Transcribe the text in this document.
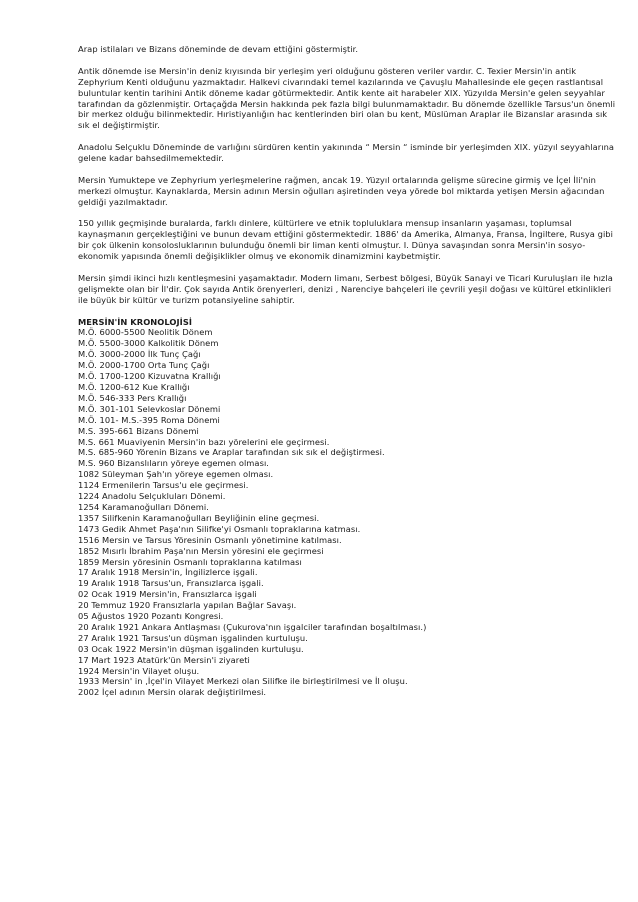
Arap istilaları ve Bizans döneminde de devam ettiğini göstermiştir.

Antik dönemde ise Mersin'in deniz kıyısında bir yerleşim yeri olduğunu gösteren veriler vardır. C. Texier Mersin'in antik Zephyrium Kenti olduğunu yazmaktadır. Halkevi civarındaki temel kazılarında ve Çavuşlu Mahallesinde ele geçen rastlantısal buluntular kentin tarihini Antik döneme kadar götürmektedir. Antik kente ait harabeler XIX. Yüzyılda Mersin'e gelen seyyahlar tarafından da gözlenmiştir. Ortaçağda Mersin hakkında pek fazla bilgi bulunmamaktadır. Bu dönemde özellikle Tarsus'un önemli bir merkez olduğu bilinmektedir. Hıristiyanlığın hac kentlerinden biri olan bu kent, Müslüman Araplar ile Bizanslar arasında sık sık el değiştirmiştir.

Anadolu Selçuklu Döneminde de varlığını sürdüren kentin yakınında “ Mersin “ isminde bir yerleşimden XIX. yüzyıl seyyahlarına gelene kadar bahsedilmemektedir.

Mersin Yumuktepe ve Zephyrium yerleşmelerine rağmen, ancak 19. Yüzyıl ortalarında gelişme sürecine girmiş ve İçel İli'nin merkezi olmuştur. Kaynaklarda, Mersin adının Mersin oğulları aşiretinden veya yörede bol miktarda yetişen Mersin ağacından geldiği yazılmaktadır.

150 yıllık geçmişinde buralarda, farklı dinlere, kültürlere ve etnik topluluklara mensup insanların yaşaması, toplumsal kaynaşmanın gerçekleştiğini ve bunun devam ettiğini göstermektedir. 1886' da Amerika, Almanya, Fransa, İngiltere, Rusya gibi bir çok ülkenin konsolosluklarının bulunduğu önemli bir liman kenti olmuştur. I. Dünya savaşından sonra Mersin'in sosyo-ekonomik yapısında önemli değişiklikler olmuş ve ekonomik dinamizmini kaybetmiştir.

Mersin şimdi ikinci hızlı kentleşmesini yaşamaktadır. Modern limanı, Serbest bölgesi, Büyük Sanayi ve Ticari Kuruluşları ile hızla gelişmekte olan bir İl'dir. Çok sayıda Antik örenyerleri, denizi , Narenciye bahçeleri ile çevrili yeşil doğası ve kültürel etkinlikleri ile büyük bir kültür ve turizm potansiyeline sahiptir.

MERSİN'İN KRONOLOJİSİ

M.Ö. 6000-5500 Neolitik Dönem
M.Ö. 5500-3000 Kalkolitik Dönem
M.Ö. 3000-2000 İlk Tunç Çağı
M.Ö. 2000-1700 Orta Tunç Çağı
M.Ö. 1700-1200 Kizuvatna Krallığı
M.Ö. 1200-612 Kue Krallığı
M.Ö. 546-333 Pers Krallığı
M.Ö. 301-101 Selevkoslar Dönemi
M.Ö. 101- M.S.-395 Roma Dönemi
M.S. 395-661 Bizans Dönemi
M.S. 661 Muaviyenin Mersin'in bazı yörelerini ele geçirmesi.
M.S. 685-960 Yörenin Bizans ve Araplar tarafından sık sık el değiştirmesi.
M.S. 960 Bizanslıların yöreye egemen olması.
1082 Süleyman Şah'ın yöreye egemen olması.
1124 Ermenilerin Tarsus'u ele geçirmesi.
1224 Anadolu Selçukluları Dönemi.
1254 Karamanoğulları Dönemi.
1357 Silifkenin Karamanoğulları Beyliğinin eline geçmesi.
1473 Gedik Ahmet Paşa'nın Silifke'yi Osmanlı topraklarına katması.
1516 Mersin ve Tarsus Yöresinin Osmanlı yönetimine katılması.
1852 Mısırlı İbrahim Paşa'nın Mersin yöresini ele geçirmesi
1859 Mersin yöresinin Osmanlı topraklarına katılması
17 Aralık 1918 Mersin'in, İngilizlerce işgali.
19 Aralık 1918 Tarsus'un, Fransızlarca işgali.
02 Ocak 1919 Mersin'in, Fransızlarca işgali
20 Temmuz 1920 Fransızlarla yapılan Bağlar Savaşı.
05 Ağustos 1920 Pozantı Kongresi.
20 Aralık 1921 Ankara Antlaşması (Çukurova'nın işgalciler tarafından boşaltılması.)
27 Aralık 1921 Tarsus'un düşman işgalinden kurtuluşu.
03 Ocak 1922 Mersin'in düşman işgalinden kurtuluşu.
17 Mart 1923 Atatürk'ün Mersin'i ziyareti
1924 Mersin'in Vilayet oluşu.
1933 Mersin' in ,İçel'in Vilayet Merkezi olan Silifke ile birleştirilmesi ve İl oluşu.
2002 İçel adının Mersin olarak değiştirilmesi.
